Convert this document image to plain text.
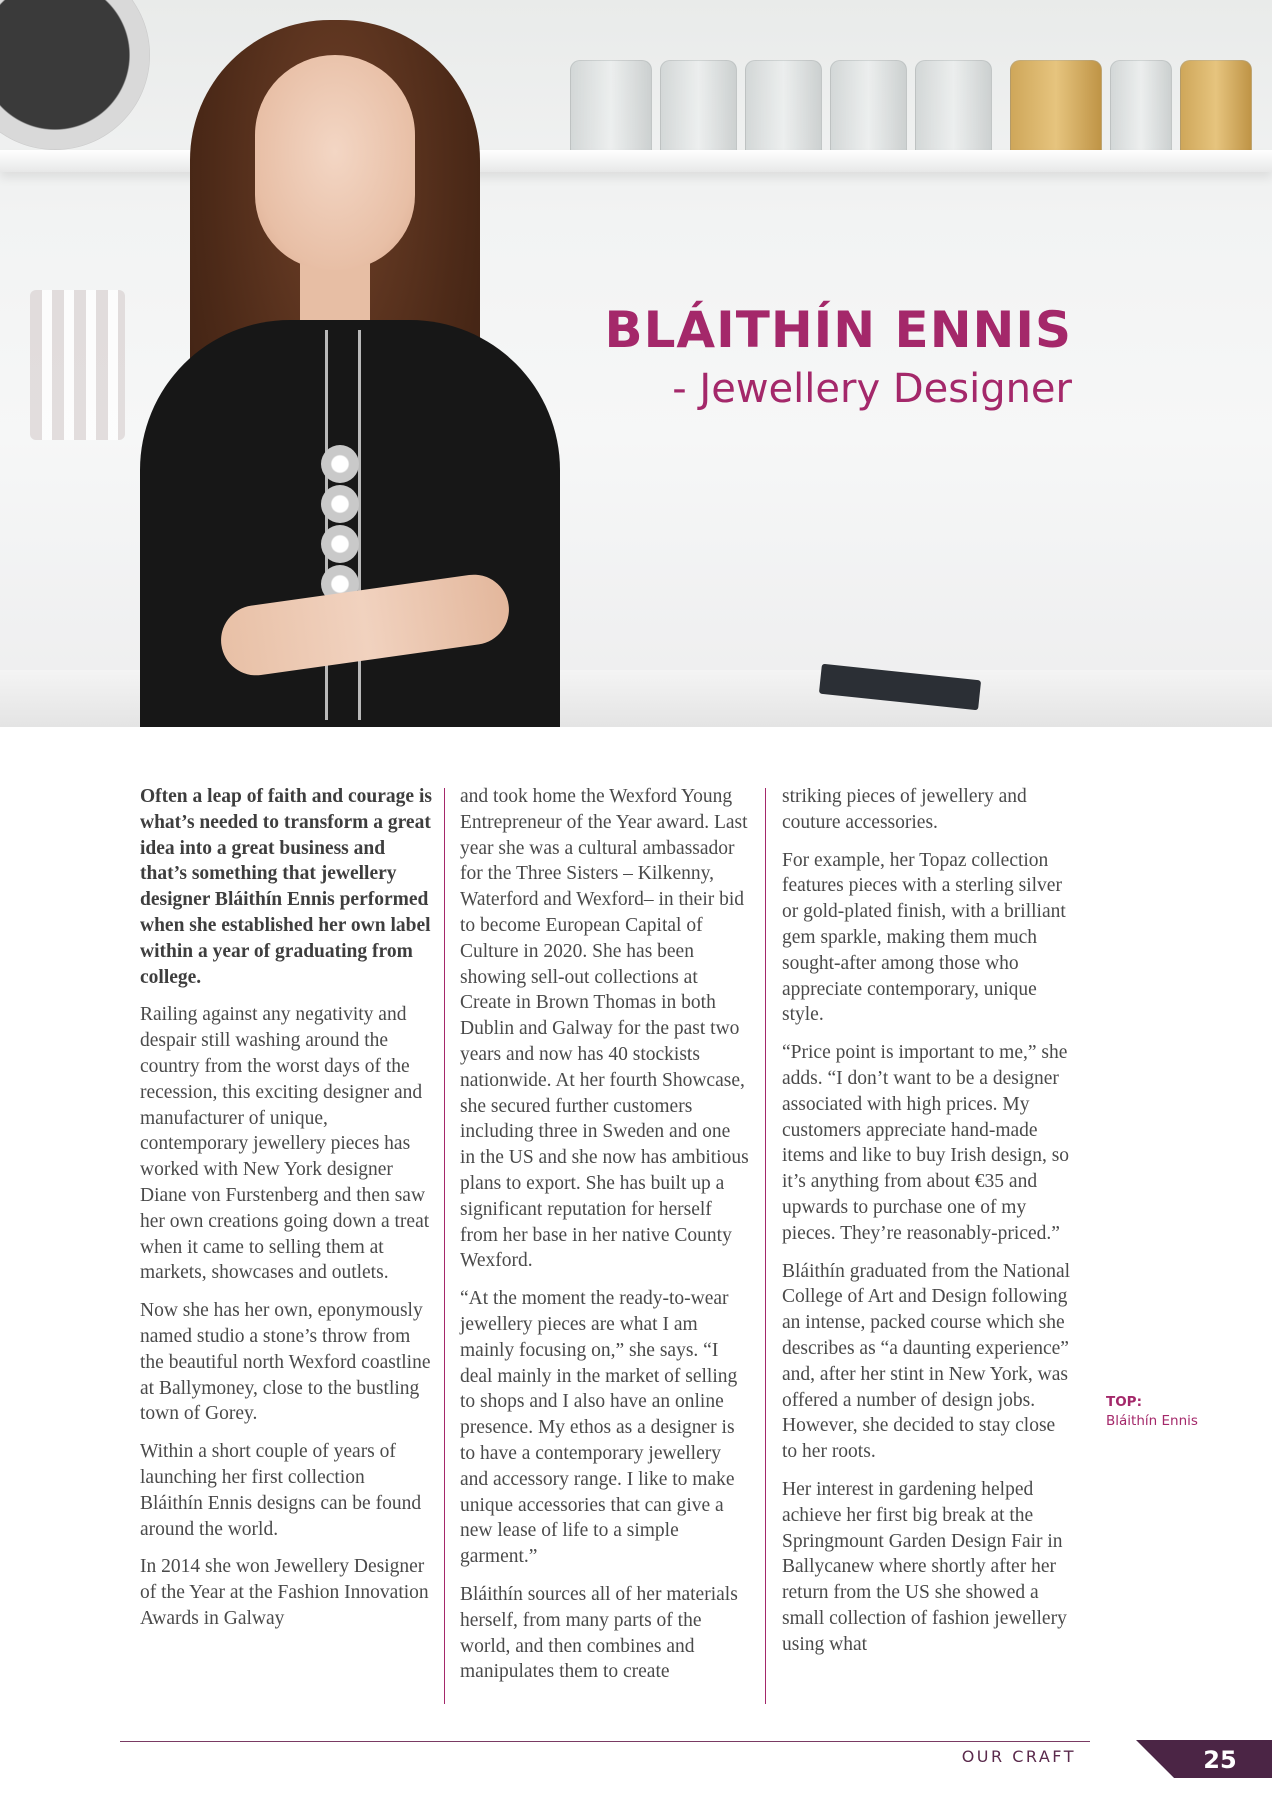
BLÁITHÍN ENNIS
- Jewellery Designer

Often a leap of faith and courage is what’s needed to transform a great idea into a great business and that’s something that jewellery designer Bláithín Ennis performed when she established her own label within a year of graduating from college.

Railing against any negativity and despair still washing around the country from the worst days of the recession, this exciting designer and manufacturer of unique, contemporary jewellery pieces has worked with New York designer Diane von Furstenberg and then saw her own creations going down a treat when it came to selling them at markets, showcases and outlets.

Now she has her own, eponymously named studio a stone’s throw from the beautiful north Wexford coastline at Ballymoney, close to the bustling town of Gorey.

Within a short couple of years of launching her first collection Bláithín Ennis designs can be found around the world.

In 2014 she won Jewellery Designer of the Year at the Fashion Innovation Awards in Galway

and took home the Wexford Young Entrepreneur of the Year award. Last year she was a cultural ambassador for the Three Sisters – Kilkenny, Waterford and Wexford– in their bid to become European Capital of Culture in 2020. She has been showing sell-out collections at Create in Brown Thomas in both Dublin and Galway for the past two years and now has 40 stockists nationwide. At her fourth Showcase, she secured further customers including three in Sweden and one in the US and she now has ambitious plans to export. She has built up a significant reputation for herself from her base in her native County Wexford.

“At the moment the ready-to-wear jewellery pieces are what I am mainly focusing on,” she says. “I deal mainly in the market of selling to shops and I also have an online presence. My ethos as a designer is to have a contemporary jewellery and accessory range. I like to make unique accessories that can give a new lease of life to a simple garment.”

Bláithín sources all of her materials herself, from many parts of the world, and then combines and manipulates them to create

striking pieces of jewellery and couture accessories.

For example, her Topaz collection features pieces with a sterling silver or gold-plated finish, with a brilliant gem sparkle, making them much sought-after among those who appreciate contemporary, unique style.

“Price point is important to me,” she adds. “I don’t want to be a designer associated with high prices. My customers appreciate hand-made items and like to buy Irish design, so it’s anything from about €35 and upwards to purchase one of my pieces. They’re reasonably-priced.”

Bláithín graduated from the National College of Art and Design following an intense, packed course which she describes as “a daunting experience” and, after her stint in New York, was offered a number of design jobs. However, she decided to stay close to her roots.

Her interest in gardening helped achieve her first big break at the Springmount Garden Design Fair in Ballycanew where shortly after her return from the US she showed a small collection of fashion jewellery using what

TOP:
Bláithín Ennis
OUR CRAFT	25
